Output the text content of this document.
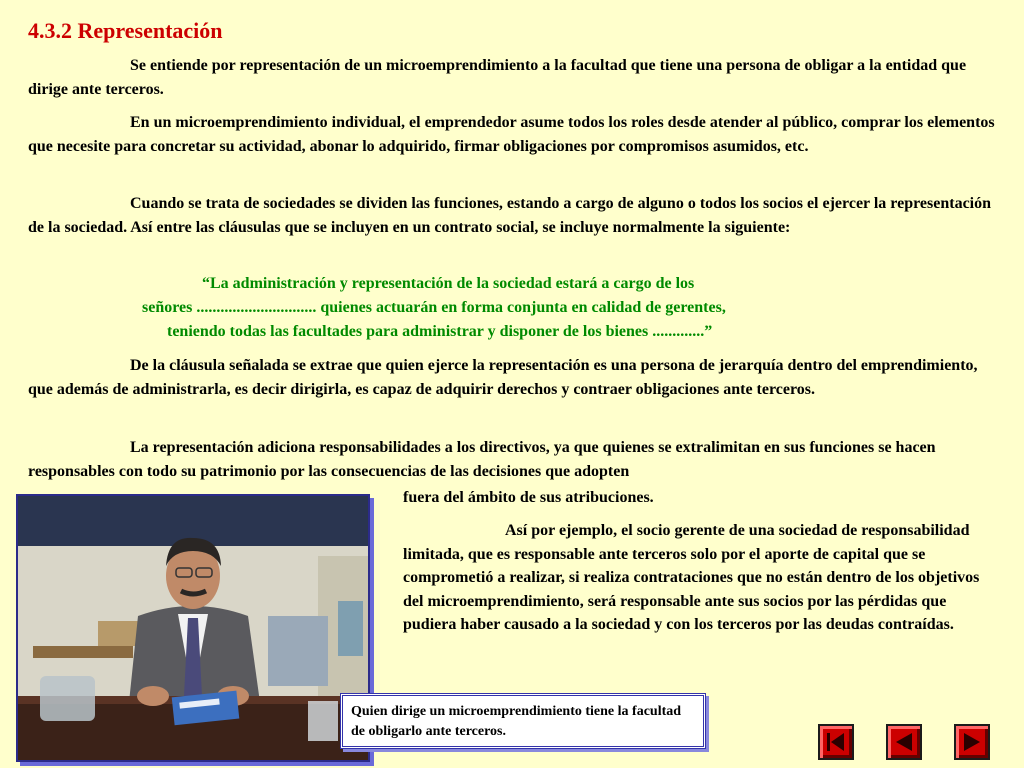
4.3.2 Representación

Se entiende por representación de un microemprendimiento a la facultad que tiene una persona de obligar a la entidad que dirige ante terceros.

En un microemprendimiento individual, el emprendedor asume todos los roles desde atender al público, comprar los elementos que necesite para concretar su actividad, abonar lo adquirido, firmar obligaciones por compromisos asumidos, etc.

Cuando se trata de sociedades se dividen las funciones, estando a cargo de alguno o todos los socios el ejercer la representación de la sociedad. Así entre las cláusulas que se incluyen en un contrato social, se incluye normalmente la siguiente:

“La administración y representación de la sociedad estará a cargo de los
señores .............................. quienes actuarán en forma conjunta en calidad de gerentes,
teniendo todas las facultades para administrar y disponer de los bienes .............”

De la cláusula señalada se extrae que quien ejerce la representación es una persona de jerarquía dentro del emprendimiento, que además de administrarla, es decir dirigirla, es capaz de adquirir derechos y contraer obligaciones ante terceros.

La representación adiciona responsabilidades a los directivos, ya que quienes se extralimitan en sus funciones se hacen responsables con todo su patrimonio por las consecuencias de las decisiones que adopten

fuera del ámbito de sus atribuciones.

Así por ejemplo, el socio gerente de una sociedad de responsabilidad limitada, que es responsable ante terceros solo por el aporte de capital que se comprometió a realizar, si realiza contrataciones que no están dentro de los objetivos del microemprendimiento, será responsable ante sus socios por las pérdidas que pudiera haber causado a la sociedad y con los terceros por las deudas contraídas.

Quien dirige un microemprendimiento tiene la facultad de obligarlo ante terceros.
